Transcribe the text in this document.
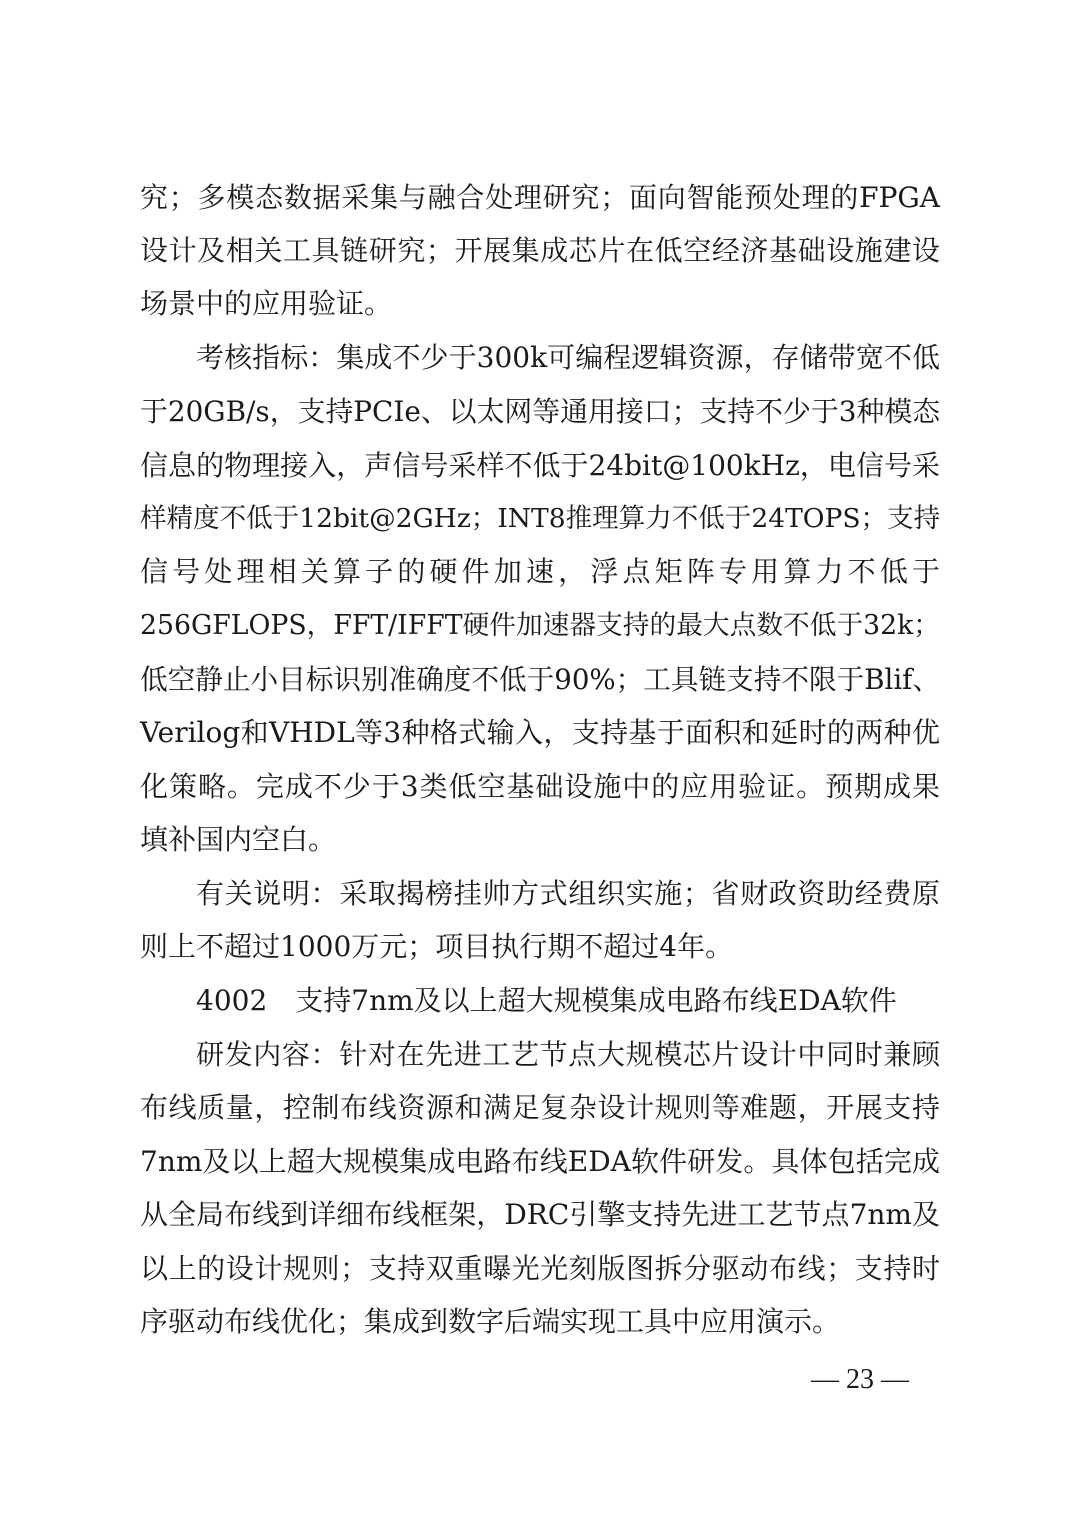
究；多模态数据采集与融合处理研究；面向智能预处理的FPGA
设计及相关工具链研究；开展集成芯片在低空经济基础设施建设
场景中的应用验证。
考核指标：集成不少于300k可编程逻辑资源，存储带宽不低
于20GB/s，支持PCIe、以太网等通用接口；支持不少于3种模态
信息的物理接入，声信号采样不低于24bit@100kHz，电信号采
样精度不低于12bit@2GHz；INT8推理算力不低于24TOPS；支持
信号处理相关算子的硬件加速，浮点矩阵专用算力不低于
256GFLOPS，FFT/IFFT硬件加速器支持的最大点数不低于32k；
低空静止小目标识别准确度不低于90%；工具链支持不限于Blif、
Verilog和VHDL等3种格式输入，支持基于面积和延时的两种优
化策略。完成不少于3类低空基础设施中的应用验证。预期成果
填补国内空白。
有关说明：采取揭榜挂帅方式组织实施；省财政资助经费原
则上不超过1000万元；项目执行期不超过4年。
4002　支持7nm及以上超大规模集成电路布线EDA软件
研发内容：针对在先进工艺节点大规模芯片设计中同时兼顾
布线质量，控制布线资源和满足复杂设计规则等难题，开展支持
7nm及以上超大规模集成电路布线EDA软件研发。具体包括完成
从全局布线到详细布线框架，DRC引擎支持先进工艺节点7nm及
以上的设计规则；支持双重曝光光刻版图拆分驱动布线；支持时
序驱动布线优化；集成到数字后端实现工具中应用演示。
— 23 —
